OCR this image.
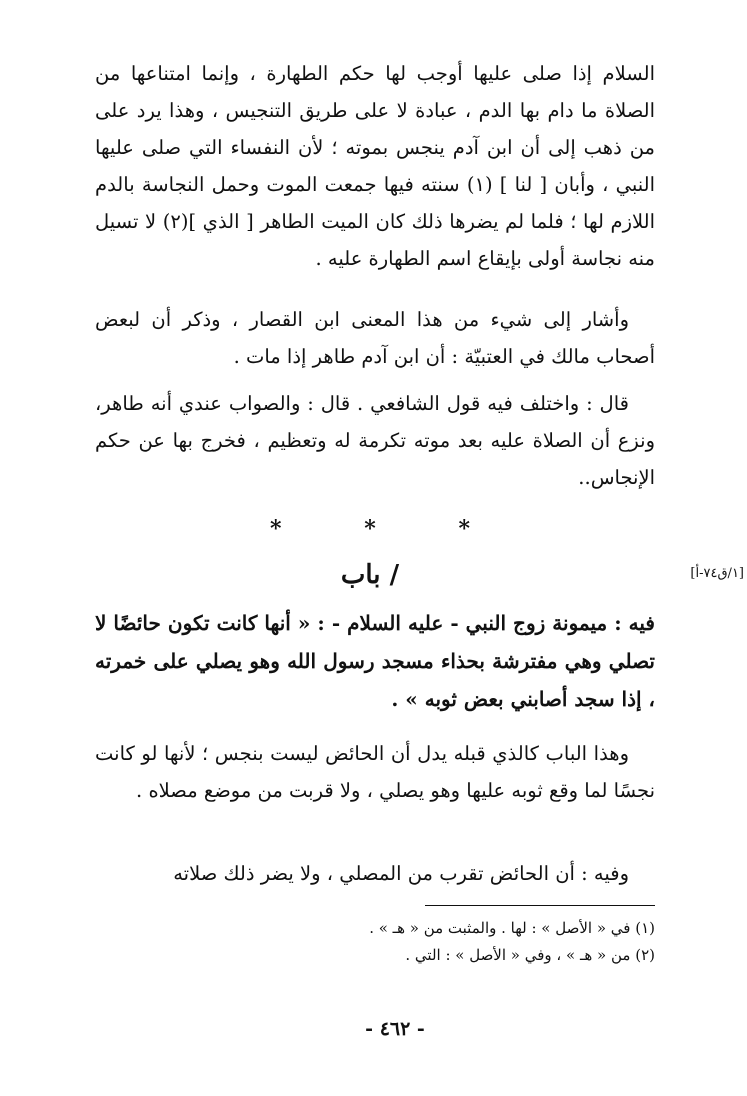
السلام إذا صلى عليها أوجب لها حكم الطهارة ، وإنما امتناعها من الصلاة ما دام بها الدم ، عبادة لا على طريق التنجيس ، وهذا يرد على من ذهب إلى أن ابن آدم ينجس بموته ؛ لأن النفساء التي صلى عليها النبي ، وأبان [ لنا ] (١) سنته فيها جمعت الموت وحمل النجاسة بالدم اللازم لها ؛ فلما لم يضرها ذلك كان الميت الطاهر [ الذي ](٢) لا تسيل منه نجاسة أولى بإيقاع اسم الطهارة عليه .

وأشار إلى شيء من هذا المعنى ابن القصار ، وذكر أن لبعض أصحاب مالك في العتبيّة : أن ابن آدم طاهر إذا مات .

قال : واختلف فيه قول الشافعي . قال : والصواب عندي أنه طاهر، ونزع أن الصلاة عليه بعد موته تكرمة له وتعظيم ، فخرج بها عن حكم الإنجاس..

*
*
*
/ باب	[١/ق٧٤-أ]

فيه : ميمونة زوج النبي - عليه السلام - : « أنها كانت تكون حائضًا لا تصلي وهي مفترشة بحذاء مسجد رسول الله وهو يصلي على خمرته ، إذا سجد أصابني بعض ثوبه » .

وهذا الباب كالذي قبله يدل أن الحائض ليست بنجس ؛ لأنها لو كانت نجسًا لما وقع ثوبه عليها وهو يصلي ، ولا قربت من موضع مصلاه .

وفيه : أن الحائض تقرب من المصلي ، ولا يضر ذلك صلاته

(١) في « الأصل » : لها . والمثبت من « هـ » .
(٢) من « هـ » ، وفي « الأصل » : التي .
- ٤٦٢ -
